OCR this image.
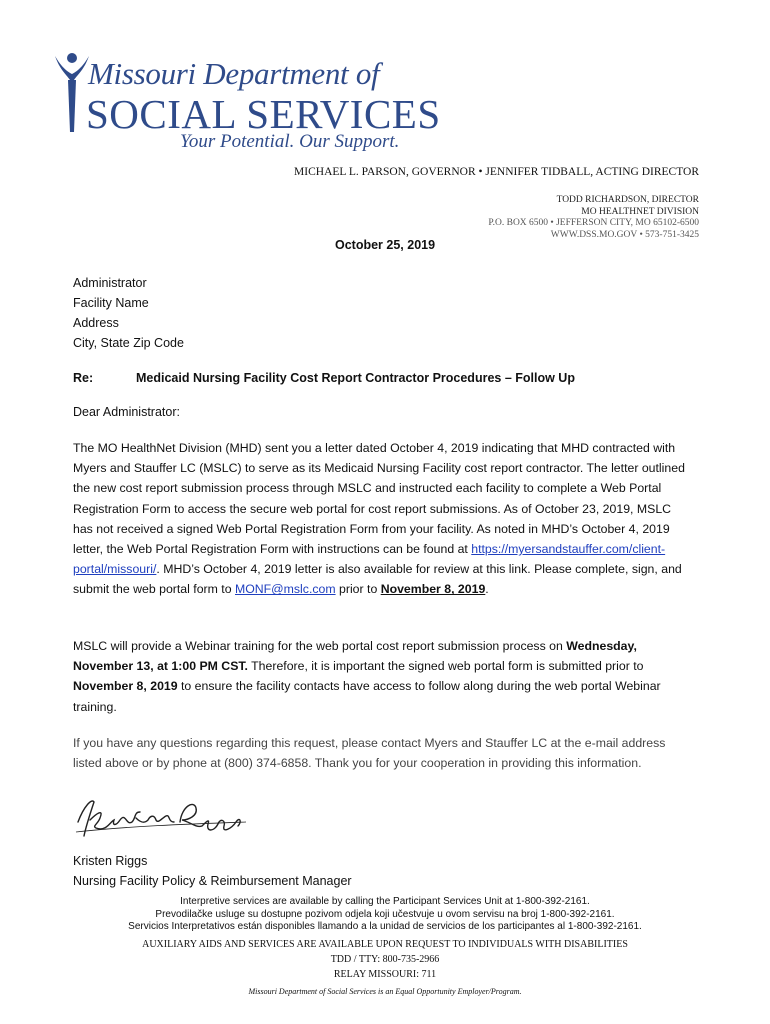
Missouri Department of
SOCIAL SERVICES
Your Potential. Our Support.
MICHAEL L. PARSON, GOVERNOR • JENNIFER TIDBALL, ACTING DIRECTOR
TODD RICHARDSON, DIRECTOR
MO HEALTHNET DIVISION
P.O. BOX 6500 • JEFFERSON CITY, MO 65102-6500
WWW.DSS.MO.GOV • 573-751-3425
October 25, 2019
Administrator
Facility Name
Address
City, State Zip Code
Re:	Medicaid Nursing Facility Cost Report Contractor Procedures – Follow Up
Dear Administrator:
The MO HealthNet Division (MHD) sent you a letter dated October 4, 2019 indicating that MHD contracted with Myers and Stauffer LC (MSLC) to serve as its Medicaid Nursing Facility cost report contractor. The letter outlined the new cost report submission process through MSLC and instructed each facility to complete a Web Portal Registration Form to access the secure web portal for cost report submissions. As of October 23, 2019, MSLC has not received a signed Web Portal Registration Form from your facility. As noted in MHD’s October 4, 2019 letter, the Web Portal Registration Form with instructions can be found at https://myersandstauffer.com/client-portal/missouri/. MHD’s October 4, 2019 letter is also available for review at this link. Please complete, sign, and submit the web portal form to MONF@mslc.com prior to November 8, 2019.
MSLC will provide a Webinar training for the web portal cost report submission process on Wednesday, November 13, at 1:00 PM CST. Therefore, it is important the signed web portal form is submitted prior to November 8, 2019 to ensure the facility contacts have access to follow along during the web portal Webinar training.
If you have any questions regarding this request, please contact Myers and Stauffer LC at the e-mail address listed above or by phone at (800) 374-6858. Thank you for your cooperation in providing this information.
Kristen Riggs
Nursing Facility Policy & Reimbursement Manager
Interpretive services are available by calling the Participant Services Unit at 1-800-392-2161.
Prevodilačke usluge su dostupne pozivom odjela koji učestvuje u ovom servisu na broj 1-800-392-2161.
Servicios Interpretativos están disponibles llamando a la unidad de servicios de los participantes al 1-800-392-2161.
AUXILIARY AIDS AND SERVICES ARE AVAILABLE UPON REQUEST TO INDIVIDUALS WITH DISABILITIES
TDD / TTY: 800-735-2966
RELAY MISSOURI: 711
Missouri Department of Social Services is an Equal Opportunity Employer/Program.
